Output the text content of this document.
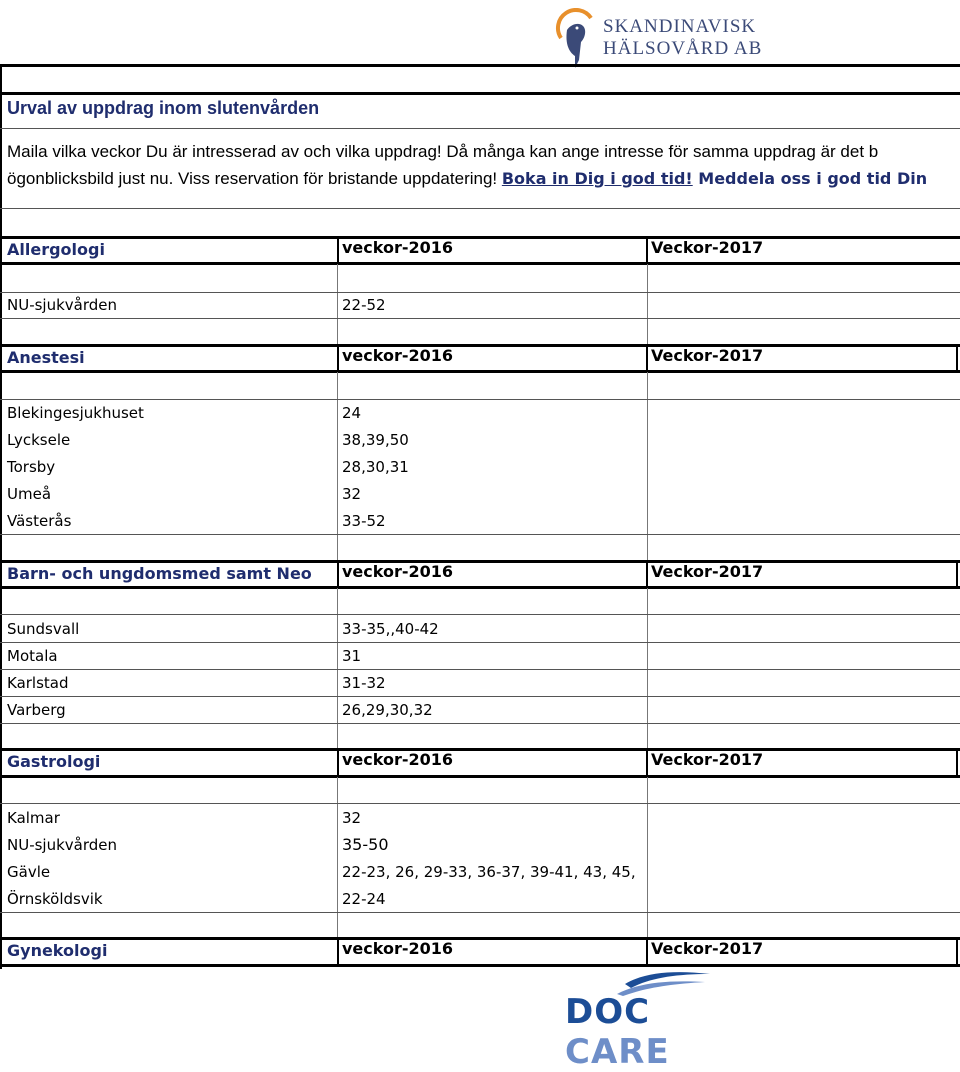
SKANDINAVISK
HÄLSOVÅRD AB
Urval av uppdrag inom slutenvården
Maila vilka veckor Du är intresserad av och vilka uppdrag! Då många kan ange intresse för samma uppdrag är det b
ögonblicksbild just nu. Viss reservation för bristande uppdatering! Boka in Dig i god tid! Meddela oss i god tid Din
Allergologi	veckor-2016	Veckor-2017
NU-sjukvården	22-52
Anestesi	veckor-2016	Veckor-2017
Blekingesjukhuset	24
Lycksele	38,39,50
Torsby	28,30,31
Umeå	32
Västerås	33-52
Barn- och ungdomsmed samt Neo veckor-2016	Veckor-2017
Sundsvall	33-35,,40-42
Motala	31
Karlstad	31-32
Varberg	26,29,30,32
Gastrologi	veckor-2016	Veckor-2017
Kalmar	32
NU-sjukvården	35-50
Gävle	22-23, 26, 29-33, 36-37, 39-41, 43, 45,
Örnsköldsvik	22-24
Gynekologi	veckor-2016	Veckor-2017
DOC CARE
